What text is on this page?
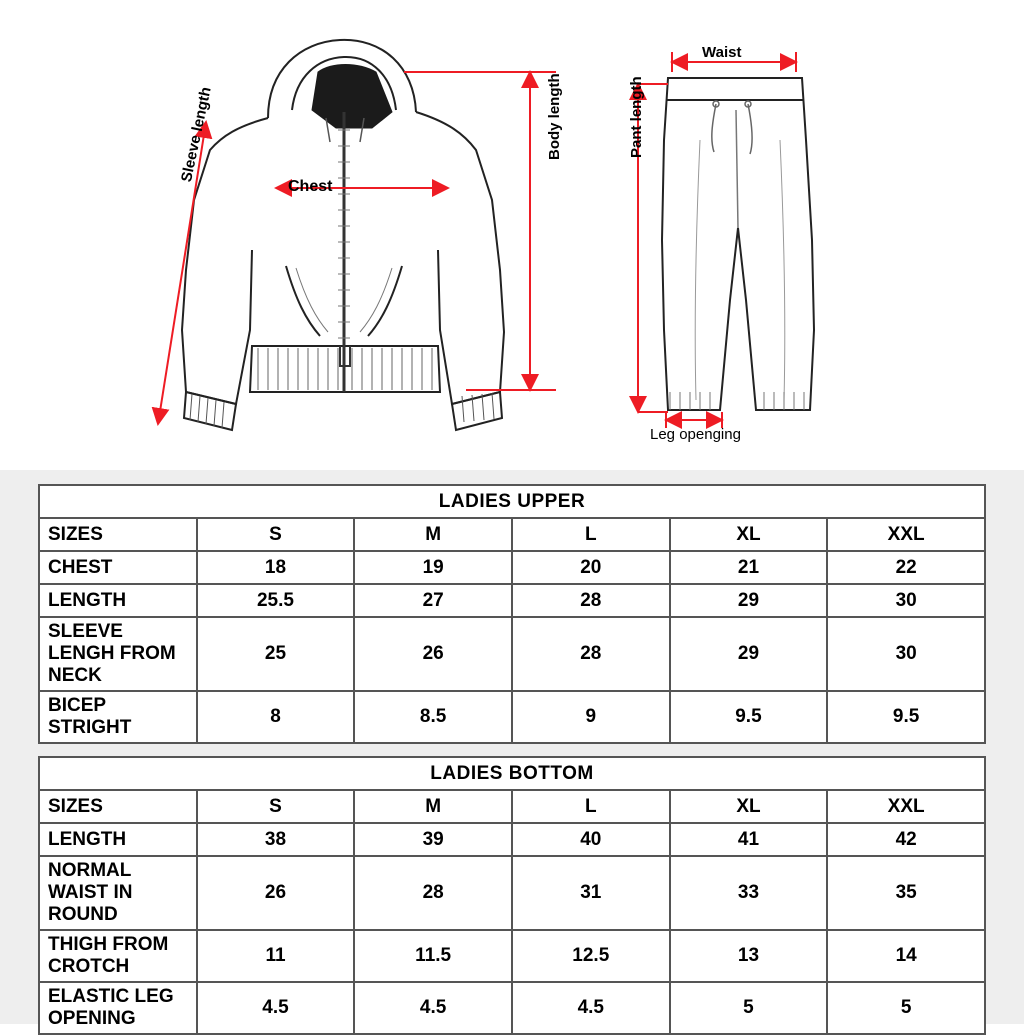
Sleeve length
Chest
Body length
Waist
Pant length
Leg openging
LADIES UPPER					
SIZES	S	M	L	XL	XXL
CHEST	18	19	20	21	22
LENGTH	25.5	27	28	29	30
SLEEVE LENGH FROM NECK	25	26	28	29	30
BICEP STRIGHT	8	8.5	9	9.5	9.5
LADIES BOTTOM					
SIZES	S	M	L	XL	XXL
LENGTH	38	39	40	41	42
NORMAL WAIST IN ROUND	26	28	31	33	35
THIGH FROM CROTCH	11	11.5	12.5	13	14
ELASTIC LEG OPENING	4.5	4.5	4.5	5	5
